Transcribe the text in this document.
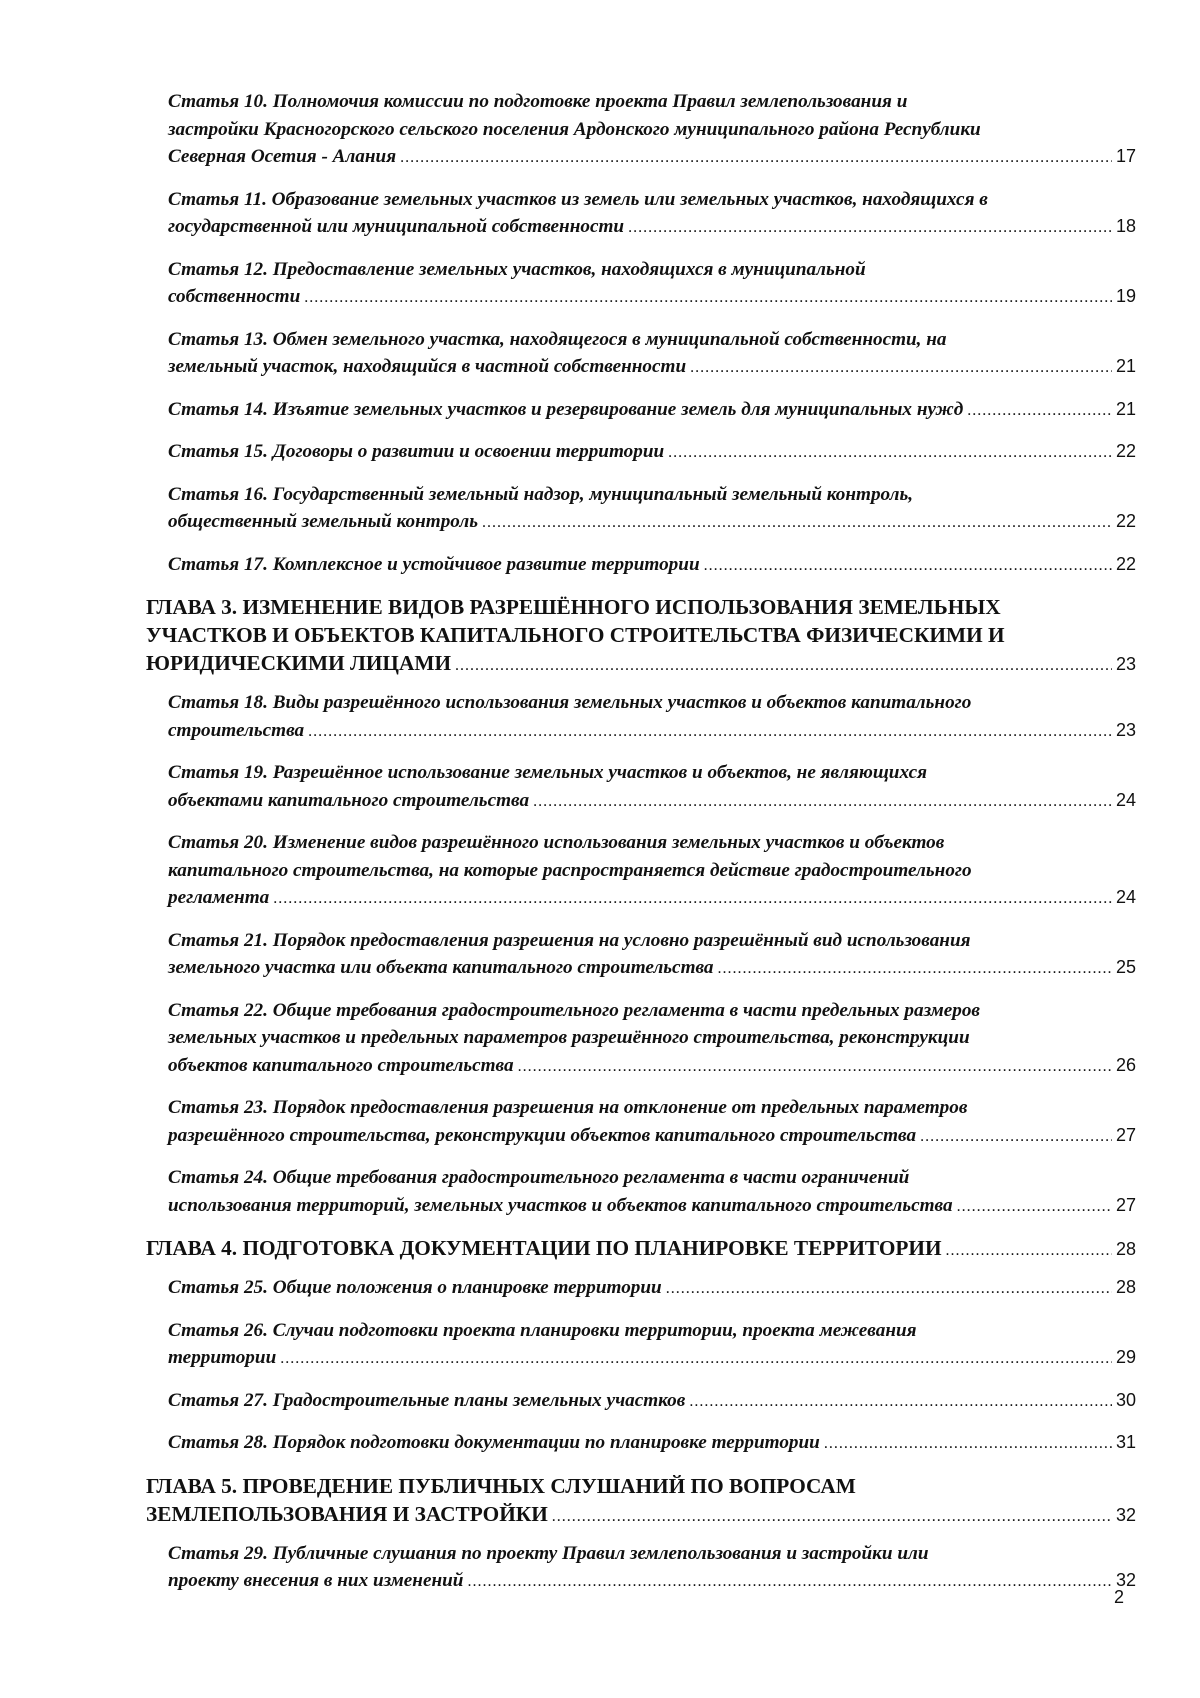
Статья 10. Полномочия комиссии по подготовке проекта Правил землепользования и
застройки Красногорского сельского поселения Ардонского муниципального района Республики
Северная Осетия - Алания .....	17
Статья 11. Образование земельных участков из земель или земельных участков, находящихся в
государственной или муниципальной собственности .....	18
Статья 12. Предоставление земельных участков, находящихся в муниципальной
собственности .....	19
Статья 13. Обмен земельного участка, находящегося в муниципальной собственности, на
земельный участок, находящийся в частной собственности .....	21
Статья 14. Изъятие земельных участков и резервирование земель для муниципальных нужд .....	21
Статья 15. Договоры о развитии и освоении территории .....	22
Статья 16. Государственный земельный надзор, муниципальный земельный контроль,
общественный земельный контроль .....	22
Статья 17. Комплексное и устойчивое развитие территории .....	22
ГЛАВА 3. ИЗМЕНЕНИЕ ВИДОВ РАЗРЕШЁННОГО ИСПОЛЬЗОВАНИЯ ЗЕМЕЛЬНЫХ
УЧАСТКОВ И ОБЪЕКТОВ КАПИТАЛЬНОГО СТРОИТЕЛЬСТВА ФИЗИЧЕСКИМИ И
ЮРИДИЧЕСКИМИ ЛИЦАМИ .....	23
Статья 18. Виды разрешённого использования земельных участков и объектов капитального
строительства .....	23
Статья 19. Разрешённое использование земельных участков и объектов, не являющихся
объектами капитального строительства .....	24
Статья 20. Изменение видов разрешённого использования земельных участков и объектов
капитального строительства, на которые распространяется действие градостроительного
регламента .....	24
Статья 21. Порядок предоставления разрешения на условно разрешённый вид использования
земельного участка или объекта капитального строительства .....	25
Статья 22. Общие требования градостроительного регламента в части предельных размеров
земельных участков и предельных параметров разрешённого строительства, реконструкции
объектов капитального строительства .....	26
Статья 23. Порядок предоставления разрешения на отклонение от предельных параметров
разрешённого строительства, реконструкции объектов капитального строительства .....	27
Статья 24. Общие требования градостроительного регламента в части ограничений
использования территорий, земельных участков и объектов капитального строительства .....	27
ГЛАВА 4. ПОДГОТОВКА ДОКУМЕНТАЦИИ ПО ПЛАНИРОВКЕ ТЕРРИТОРИИ .....	28
Статья 25. Общие положения о планировке территории .....	28
Статья 26. Случаи подготовки проекта планировки территории, проекта межевания
территории .....	29
Статья 27. Градостроительные планы земельных участков .....	30
Статья 28. Порядок подготовки документации по планировке территории .....	31
ГЛАВА 5. ПРОВЕДЕНИЕ ПУБЛИЧНЫХ СЛУШАНИЙ ПО ВОПРОСАМ
ЗЕМЛЕПОЛЬЗОВАНИЯ И ЗАСТРОЙКИ .....	32
Статья 29. Публичные слушания по проекту Правил землепользования и застройки или
проекту внесения в них изменений .....	32
2
